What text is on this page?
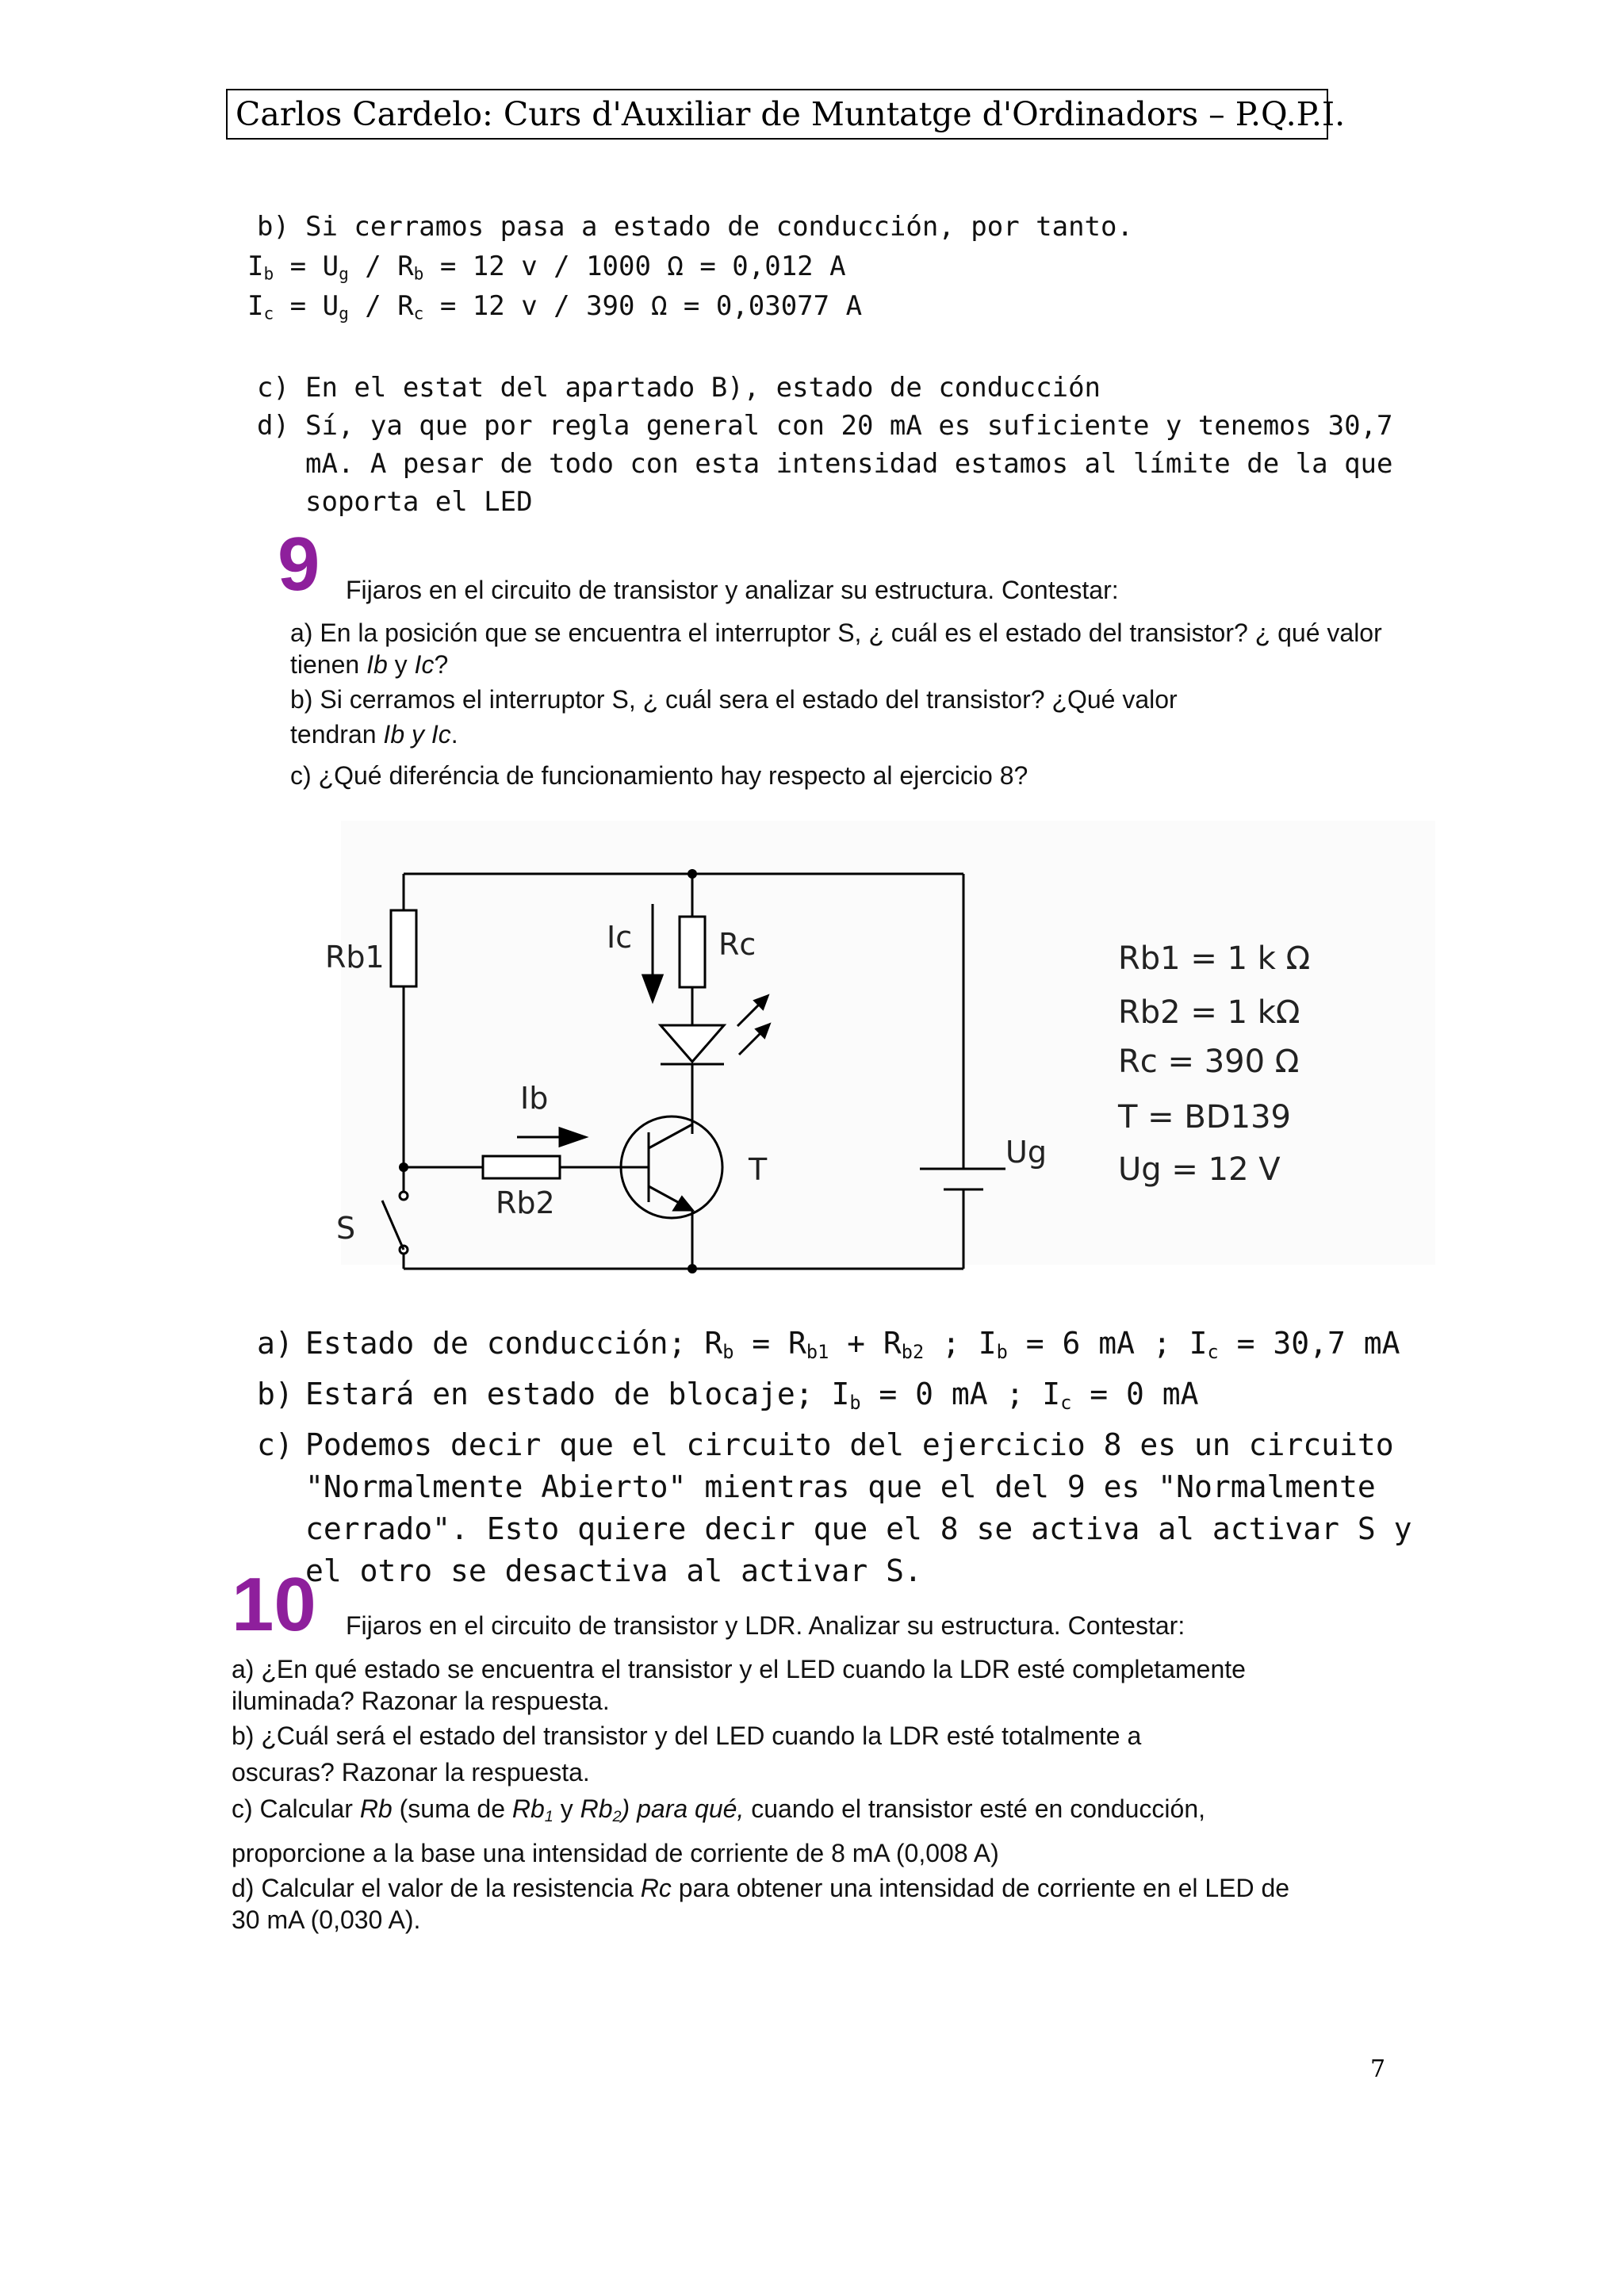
Carlos Cardelo: Curs d'Auxiliar de Muntatge d'Ordinadors – P.Q.P.I.
b) Si cerramos pasa a estado de conducción, por tanto.
$I_b = U_g / R_b = 12$ v / 1000 Ω = 0,012 A
$I_c = U_g / R_c = 12$ v / 390 Ω = 0,03077 A
c) En el estat del apartado B), estado de conducción
d) Sí, ya que por regla general con 20 mA es suficiente y tenemos 30,7 mA. A pesar de todo con esta intensidad estamos al límite de la que soporta el LED
9 Fijaros en el circuito de transistor y analizar su estructura. Contestar:
a) En la posición que se encuentra el interruptor S, ¿ cuál es el estado del transistor? ¿ qué valor tienen Ib y Ic?
b) Si cerramos el interruptor S, ¿ cuál sera el estado del transistor? ¿Qué valor
tendran Ib y Ic.
c) ¿Qué diferéncia de funcionamiento hay respecto al ejercicio 8?
Rb1
Rb2
Rc
Ic
Ib
T
S
Ug
Rb1 = 1 k Ω
Rb2 = 1 kΩ
Rc = 390 Ω
T = BD139
Ug = 12 V
a) Estado de conducción; $R_b = R_{b1} + R_{b2}$ ; $I_b = 6$ mA ; $I_c = 30,7$ mA
b) Estará en estado de blocaje; $I_b = 0$ mA ; $I_c = 0$ mA
c) Podemos decir que el circuito del ejercicio 8 es un circuito "Normalmente Abierto" mientras que el del 9 es "Normalmente cerrado". Esto quiere decir que el 8 se activa al activar S y el otro se desactiva al activar S.
10 Fijaros en el circuito de transistor y LDR. Analizar su estructura. Contestar:
a) ¿En qué estado se encuentra el transistor y el LED cuando la LDR esté completamente
iluminada? Razonar la respuesta.
b) ¿Cuál será el estado del transistor y del LED cuando la LDR esté totalmente a
oscuras? Razonar la respuesta.
c) Calcular Rb (suma de $Rb_1$ y $Rb_2$) para qué, cuando el transistor esté en conducción,
proporcione a la base una intensidad de corriente de 8 mA (0,008 A)
d) Calcular el valor de la resistencia Rc para obtener una intensidad de corriente en el LED de
30 mA (0,030 A).
7
